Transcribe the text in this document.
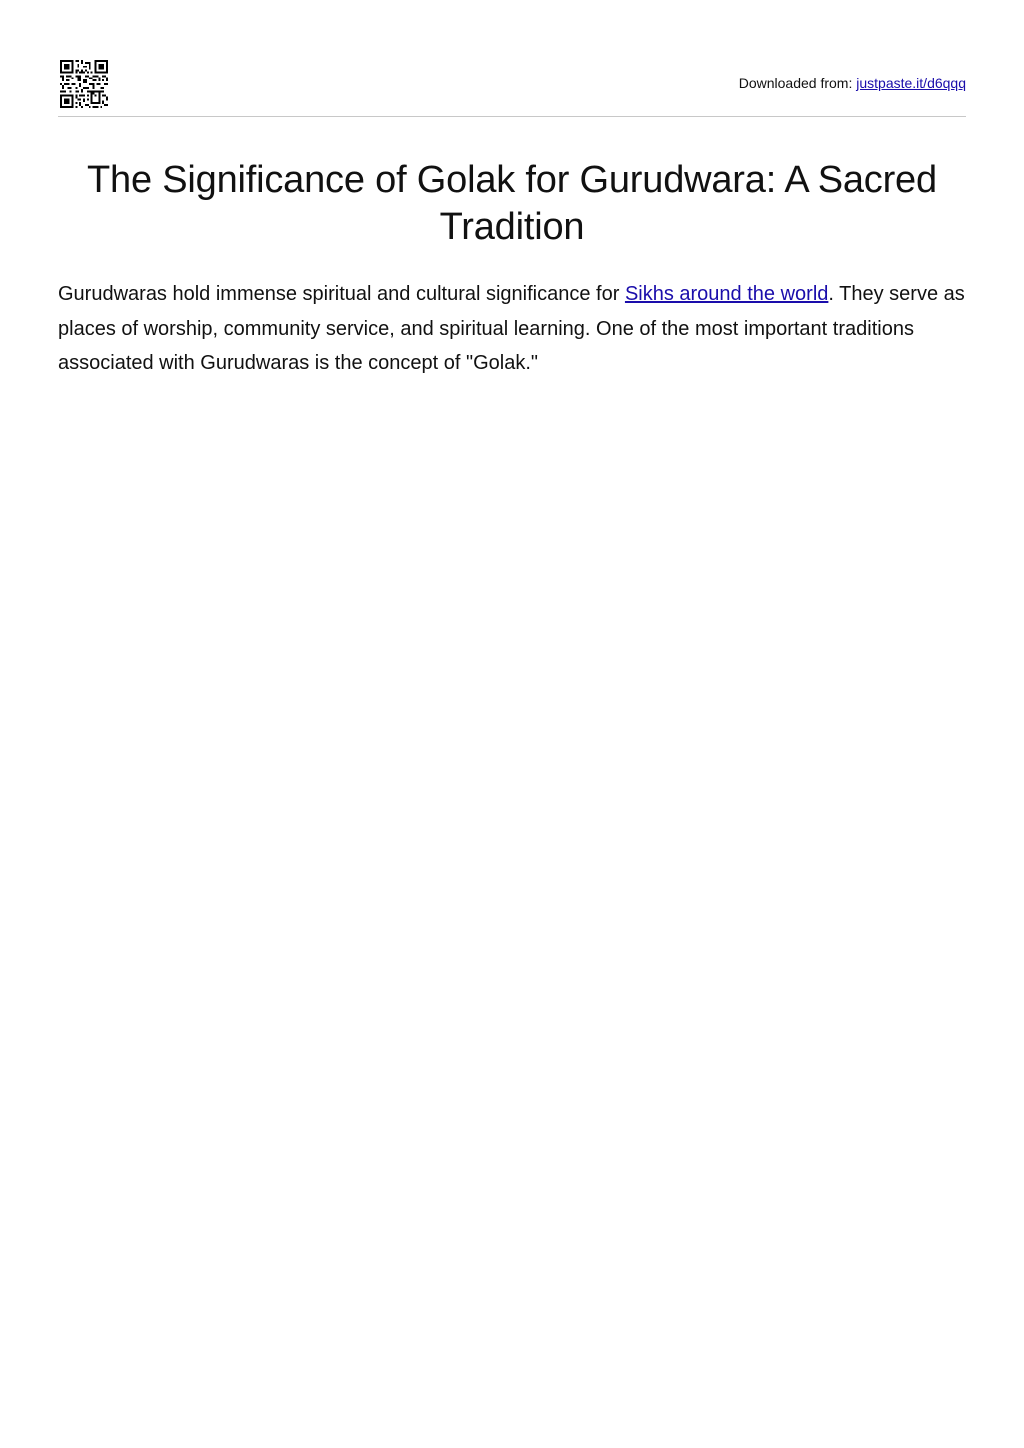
Downloaded from: justpaste.it/d6qqq
The Significance of Golak for Gurudwara: A Sacred Tradition

Gurudwaras hold immense spiritual and cultural significance for Sikhs around the world. They serve as places of worship, community service, and spiritual learning. One of the most important traditions associated with Gurudwaras is the concept of "Golak."
